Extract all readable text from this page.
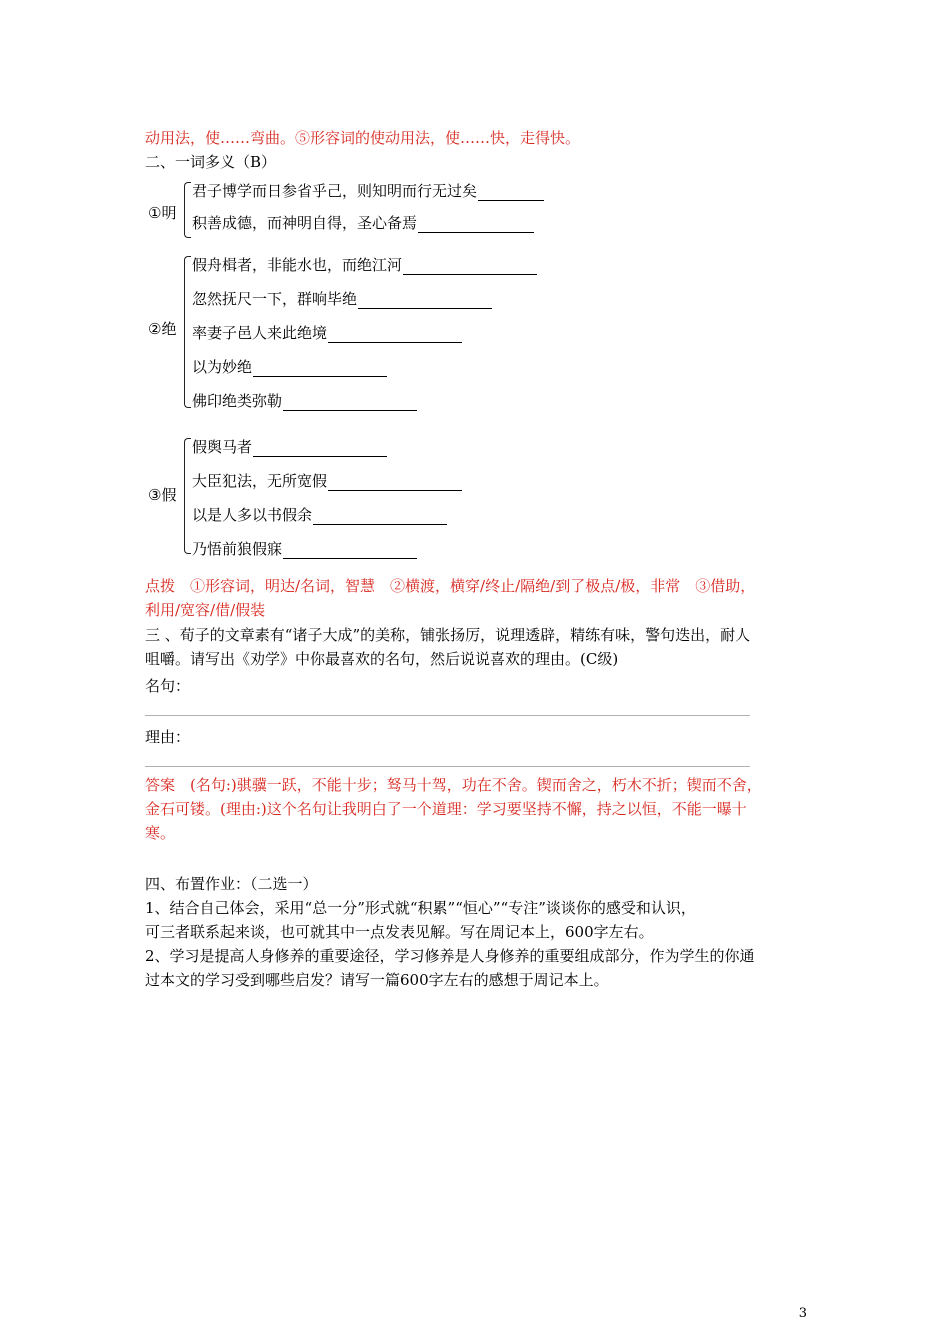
动用法，使……弯曲。⑤形容词的使动用法，使……快，走得快。
二、一词多义（B）
①明
君子博学而日参省乎己，则知明而行无过矣
积善成德，而神明自得，圣心备焉
②绝
假舟楫者，非能水也，而绝江河
忽然抚尺一下，群响毕绝
率妻子邑人来此绝境
以为妙绝
佛印绝类弥勒
③假
假舆马者
大臣犯法，无所宽假
以是人多以书假余
乃悟前狼假寐
点拨　①形容词，明达/名词，智慧　②横渡，横穿/终止/隔绝/到了极点/极，非常　③借助，
利用/宽容/借/假装
三 、荀子的文章素有“诸子大成”的美称，铺张扬厉，说理透辟，精练有味，警句迭出，耐人
咀嚼。请写出《劝学》中你最喜欢的名句，然后说说喜欢的理由。(C级)
名句：
理由：
答案　(名句:)骐骥一跃，不能十步；驽马十驾，功在不舍。锲而舍之，朽木不折；锲而不舍，
金石可镂。(理由:)这个名句让我明白了一个道理：学习要坚持不懈，持之以恒，不能一曝十
寒。
四、布置作业：（二选一）
1、结合自己体会，采用“总一分”形式就“积累”“恒心”“专注”谈谈你的感受和认识，
可三者联系起来谈，也可就其中一点发表见解。写在周记本上，600字左右。
2、学习是提高人身修养的重要途径，学习修养是人身修养的重要组成部分，作为学生的你通
过本文的学习受到哪些启发？请写一篇600字左右的感想于周记本上。
3
